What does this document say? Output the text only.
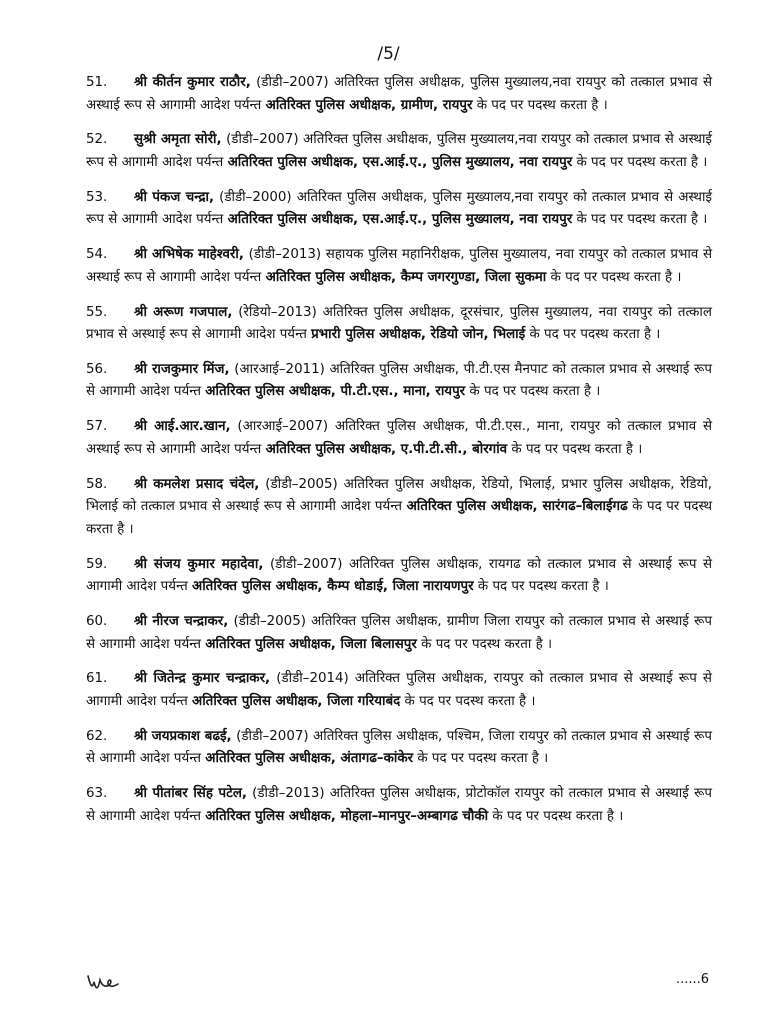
/5/
51. श्री कीर्तन कुमार राठौर, (डीडी–2007) अतिरिक्त पुलिस अधीक्षक, पुलिस मुख्यालय,नवा रायपुर को तत्काल प्रभाव से अस्थाई रूप से आगामी आदेश पर्यन्त अतिरिक्त पुलिस अधीक्षक, ग्रामीण, रायपुर के पद पर पदस्थ करता है ।
52. सुश्री अमृता सोरी, (डीडी–2007) अतिरिक्त पुलिस अधीक्षक, पुलिस मुख्यालय,नवा रायपुर को तत्काल प्रभाव से अस्थाई रूप से आगामी आदेश पर्यन्त अतिरिक्त पुलिस अधीक्षक, एस.आई.ए., पुलिस मुख्यालय, नवा रायपुर के पद पर पदस्थ करता है ।
53. श्री पंकज चन्द्रा, (डीडी–2000) अतिरिक्त पुलिस अधीक्षक, पुलिस मुख्यालय,नवा रायपुर को तत्काल प्रभाव से अस्थाई रूप से आगामी आदेश पर्यन्त अतिरिक्त पुलिस अधीक्षक, एस.आई.ए., पुलिस मुख्यालय, नवा रायपुर के पद पर पदस्थ करता है ।
54. श्री अभिषेक माहेश्वरी, (डीडी–2013) सहायक पुलिस महानिरीक्षक, पुलिस मुख्यालय, नवा रायपुर को तत्काल प्रभाव से अस्थाई रूप से आगामी आदेश पर्यन्त अतिरिक्त पुलिस अधीक्षक, कैम्प जगरगुण्डा, जिला सुकमा के पद पर पदस्थ करता है ।
55. श्री अरूण गजपाल, (रेडियो–2013) अतिरिक्त पुलिस अधीक्षक, दूरसंचार, पुलिस मुख्यालय, नवा रायपुर को तत्काल प्रभाव से अस्थाई रूप से आगामी आदेश पर्यन्त प्रभारी पुलिस अधीक्षक, रेडियो जोन, भिलाई के पद पर पदस्थ करता है ।
56. श्री राजकुमार मिंज, (आरआई–2011) अतिरिक्त पुलिस अधीक्षक, पी.टी.एस मैनपाट को तत्काल प्रभाव से अस्थाई रूप से आगामी आदेश पर्यन्त अतिरिक्त पुलिस अधीक्षक, पी.टी.एस., माना, रायपुर के पद पर पदस्थ करता है ।
57. श्री आई.आर.खान, (आरआई–2007) अतिरिक्त पुलिस अधीक्षक, पी.टी.एस., माना, रायपुर को तत्काल प्रभाव से अस्थाई रूप से आगामी आदेश पर्यन्त अतिरिक्त पुलिस अधीक्षक, ए.पी.टी.सी., बोरगांव के पद पर पदस्थ करता है ।
58. श्री कमलेश प्रसाद चंदेल, (डीडी–2005) अतिरिक्त पुलिस अधीक्षक, रेडियो, भिलाई, प्रभार पुलिस अधीक्षक, रेडियो, भिलाई को तत्काल प्रभाव से अस्थाई रूप से आगामी आदेश पर्यन्त अतिरिक्त पुलिस अधीक्षक, सारंगढ–बिलाईगढ के पद पर पदस्थ करता है ।
59. श्री संजय कुमार महादेवा, (डीडी–2007) अतिरिक्त पुलिस अधीक्षक, रायगढ को तत्काल प्रभाव से अस्थाई रूप से आगामी आदेश पर्यन्त अतिरिक्त पुलिस अधीक्षक, कैम्प धोडाई, जिला नारायणपुर के पद पर पदस्थ करता है ।
60. श्री नीरज चन्द्राकर, (डीडी–2005) अतिरिक्त पुलिस अधीक्षक, ग्रामीण जिला रायपुर को तत्काल प्रभाव से अस्थाई रूप से आगामी आदेश पर्यन्त अतिरिक्त पुलिस अधीक्षक, जिला बिलासपुर के पद पर पदस्थ करता है ।
61. श्री जितेन्द्र कुमार चन्द्राकर, (डीडी–2014) अतिरिक्त पुलिस अधीक्षक, रायपुर को तत्काल प्रभाव से अस्थाई रूप से आगामी आदेश पर्यन्त अतिरिक्त पुलिस अधीक्षक, जिला गरियाबंद के पद पर पदस्थ करता है ।
62. श्री जयप्रकाश बढई, (डीडी–2007) अतिरिक्त पुलिस अधीक्षक, पश्चिम, जिला रायपुर को तत्काल प्रभाव से अस्थाई रूप से आगामी आदेश पर्यन्त अतिरिक्त पुलिस अधीक्षक, अंतागढ–कांकेर के पद पर पदस्थ करता है ।
63. श्री पीतांबर सिंह पटेल, (डीडी–2013) अतिरिक्त पुलिस अधीक्षक, प्रोटोकॉल रायपुर को तत्काल प्रभाव से अस्थाई रूप से आगामी आदेश पर्यन्त अतिरिक्त पुलिस अधीक्षक, मोहला–मानपुर–अम्बागढ चौकी के पद पर पदस्थ करता है ।
......6
